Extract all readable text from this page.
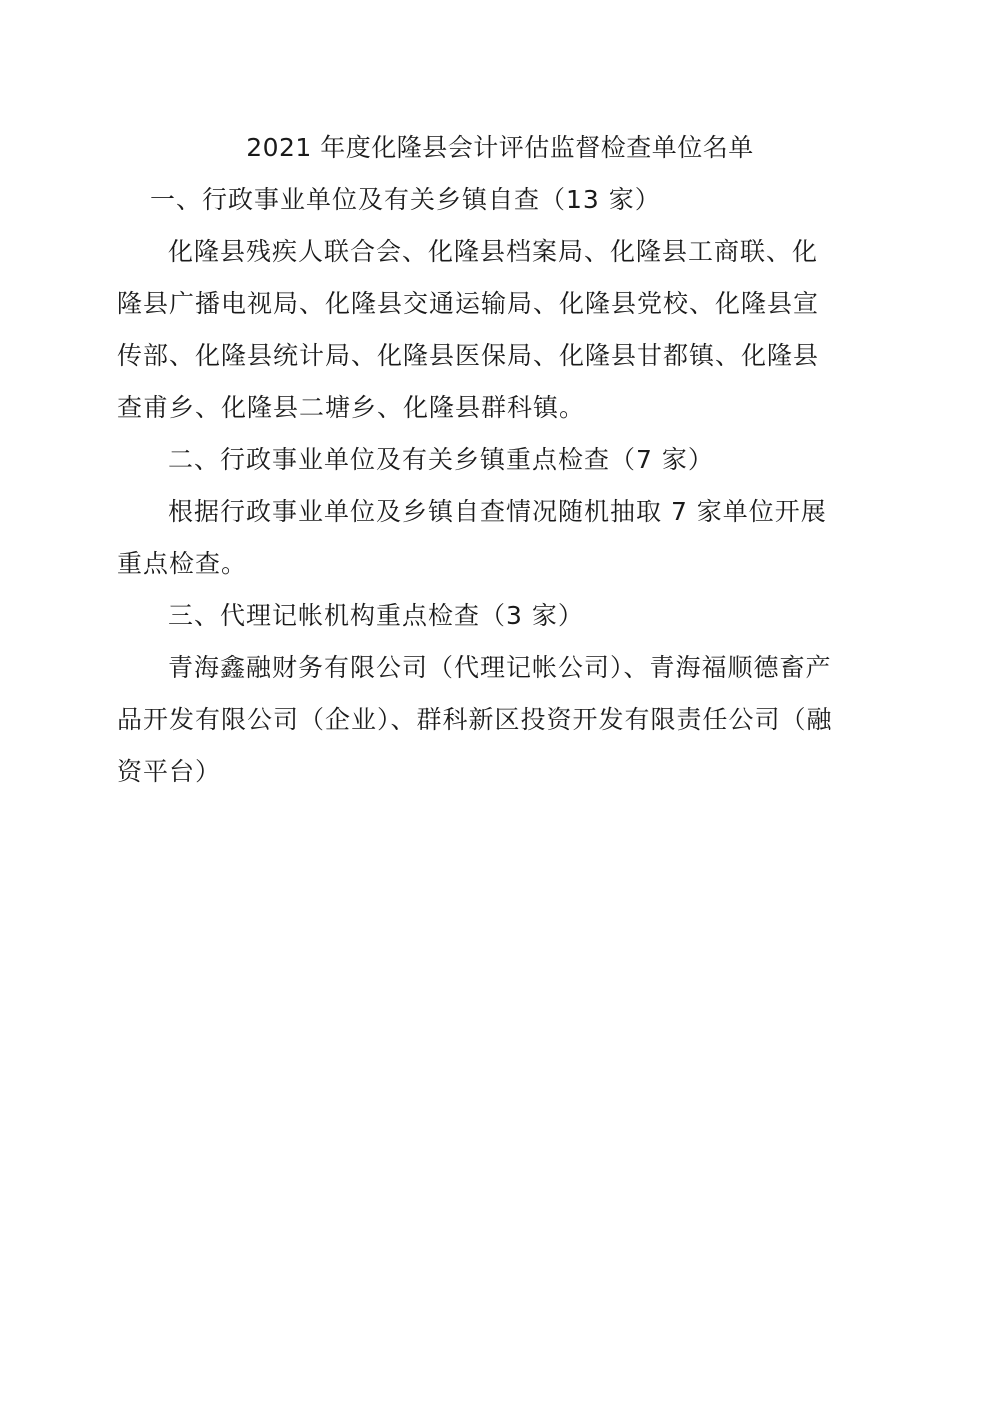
2021 年度化隆县会计评估监督检查单位名单
一、行政事业单位及有关乡镇自查（13 家）
化隆县残疾人联合会、化隆县档案局、化隆县工商联、化
隆县广播电视局、化隆县交通运输局、化隆县党校、化隆县宣
传部、化隆县统计局、化隆县医保局、化隆县甘都镇、化隆县
查甫乡、化隆县二塘乡、化隆县群科镇。
二、行政事业单位及有关乡镇重点检查（7 家）
根据行政事业单位及乡镇自查情况随机抽取 7 家单位开展
重点检查。
三、代理记帐机构重点检查（3 家）
青海鑫融财务有限公司（代理记帐公司）、青海福顺德畜产
品开发有限公司（企业）、群科新区投资开发有限责任公司（融
资平台）
